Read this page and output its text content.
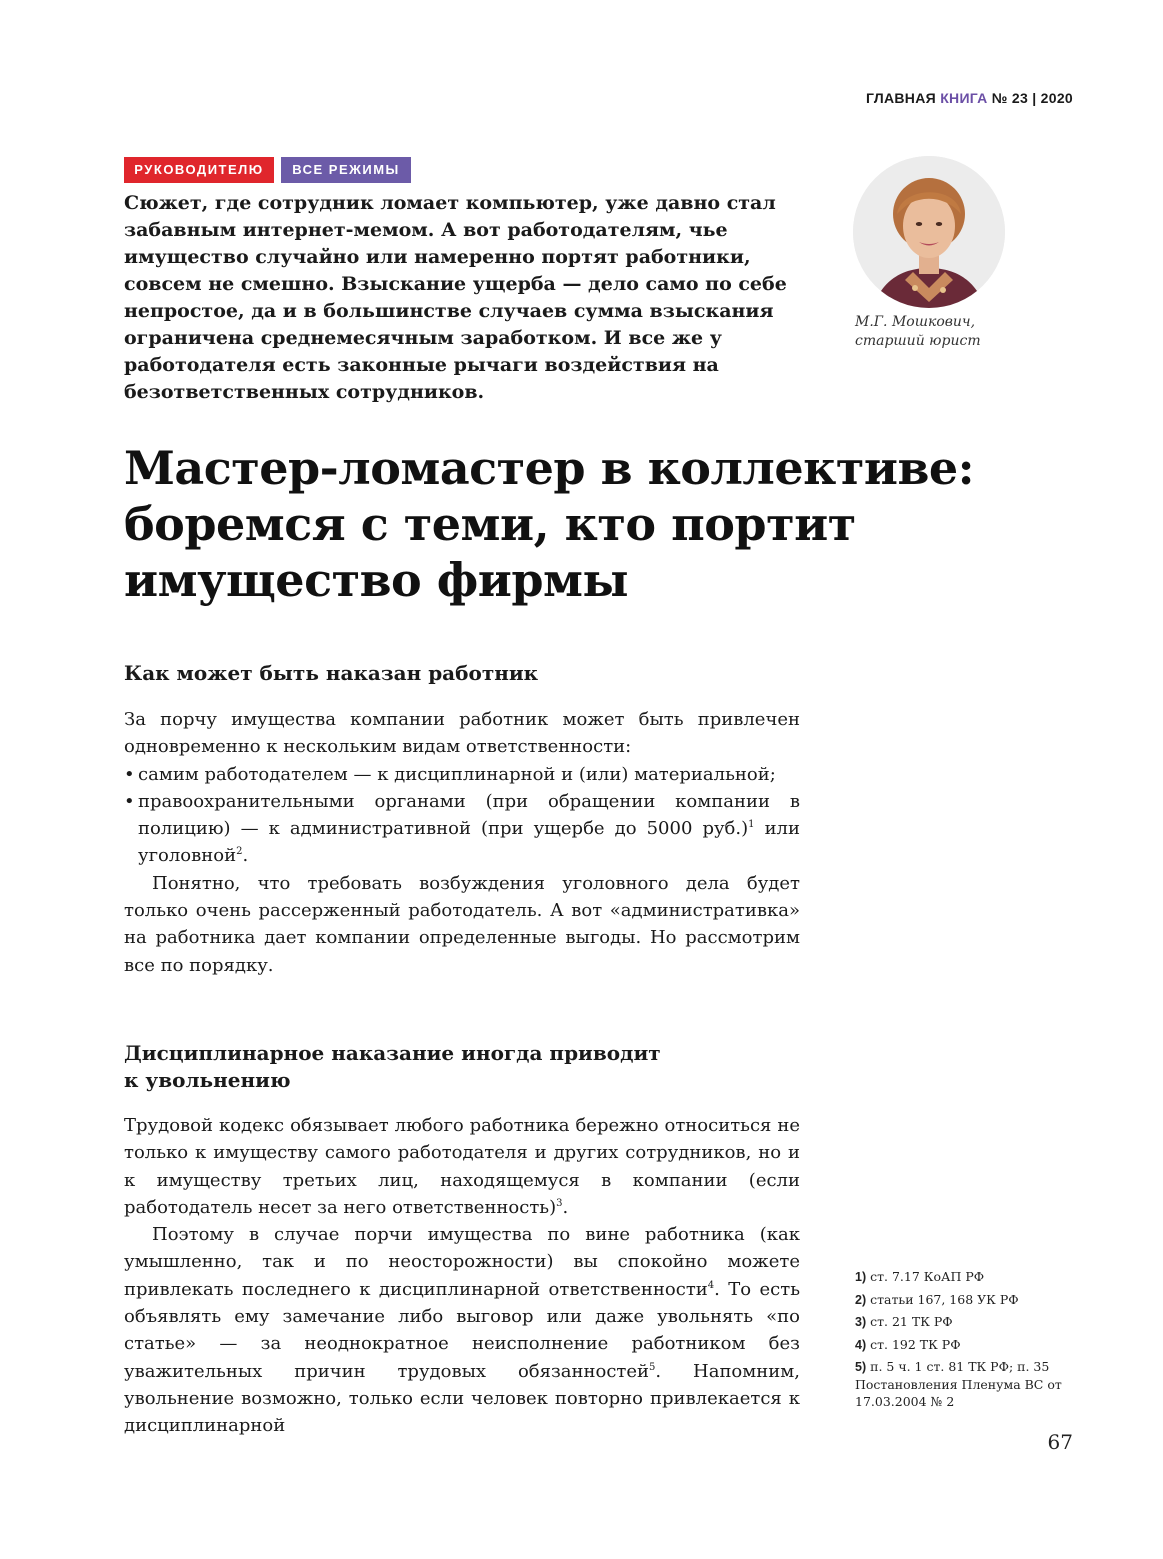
ГЛАВНАЯ КНИГА № 23 | 2020
РУКОВОДИТЕЛЮ	ВСЕ РЕЖИМЫ

Сюжет, где сотрудник ломает компьютер, уже давно стал забавным интернет-мемом. А вот работодателям, чье имущество случайно или намеренно портят работники, совсем не смешно. Взыскание ущерба — дело само по себе непростое, да и в большинстве случаев сумма взыскания ограничена среднемесячным заработком. И все же у работодателя есть законные рычаги воздействия на безответственных сотрудников.

М.Г. Мошкович,
старший юрист
Мастер-ломастер в коллективе:
боремся с теми, кто портит
имущество фирмы
Как может быть наказан работник

За порчу имущества компании работник может быть привлечен одновременно к нескольким видам ответственности:

• самим работодателем — к дисциплинарной и (или) материальной;

• правоохранительными органами (при обращении компании в полицию) — к административной (при ущербе до 5000 руб.)$^1$ или уголовной$^2$.

Понятно, что требовать возбуждения уголовного дела будет только очень рассерженный работодатель. А вот «административка» на работника дает компании определенные выгоды. Но рассмотрим все по порядку.

Дисциплинарное наказание иногда приводит
к увольнению

Трудовой кодекс обязывает любого работника бережно относиться не только к имуществу самого работодателя и других сотрудников, но и к имуществу третьих лиц, находящемуся в компании (если работодатель несет за него ответственность)$^3$.

Поэтому в случае порчи имущества по вине работника (как умышленно, так и по неосторожности) вы спокойно можете привлекать последнего к дисциплинарной ответственности$^4$. То есть объявлять ему замечание либо выговор или даже увольнять «по статье» — за неоднократное неисполнение работником без уважительных причин трудовых обязанностей$^5$. Напомним, увольнение возможно, только если человек повторно привлекается к дисциплинарной

1) ст. 7.17 КоАП РФ

2) статьи 167, 168 УК РФ

3) ст. 21 ТК РФ

4) ст. 192 ТК РФ

5) п. 5 ч. 1 ст. 81 ТК РФ; п. 35 Постановления Пленума ВС от 17.03.2004 № 2

67
